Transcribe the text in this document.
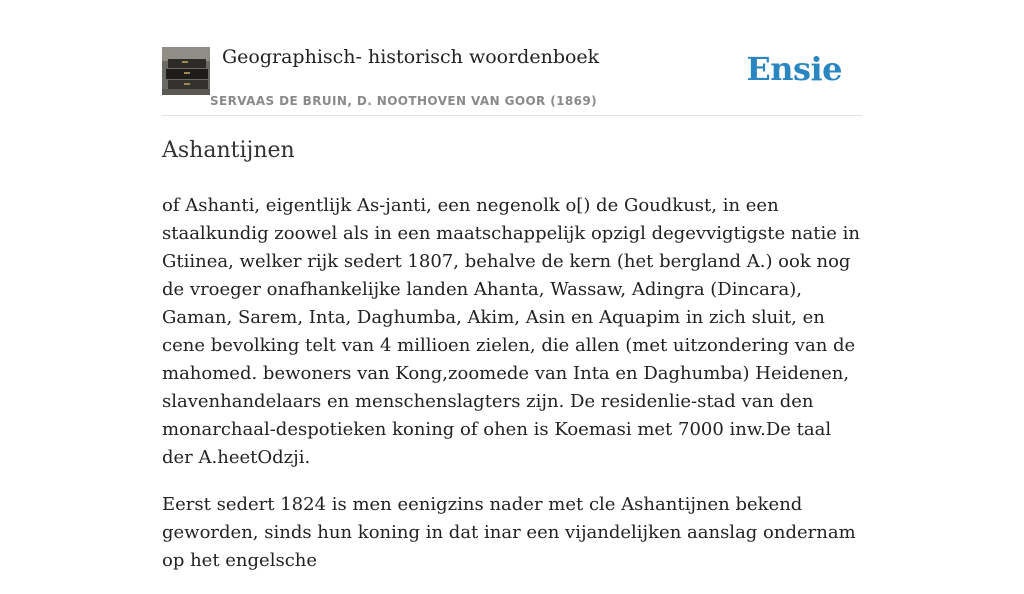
Geographisch- historisch woordenboek
SERVAAS DE BRUIN, D. NOOTHOVEN VAN GOOR (1869)
Ensie
Ashantijnen

of Ashanti, eigentlijk As-janti, een negenolk o[) de Goudkust, in een staalkundig zoowel als in een maatschappelijk opzigl degevvigtigste natie in Gtiinea, welker rijk sedert 1807, behalve de kern (het bergland A.) ook nog de vroeger onafhankelijke landen Ahanta, Wassaw, Adingra (Dincara), Gaman, Sarem, Inta, Daghumba, Akim, Asin en Aquapim in zich sluit, en cene bevolking telt van 4 millioen zielen, die allen (met uitzondering van de mahomed. bewoners van Kong,zoomede van Inta en Daghumba) Heidenen, slavenhandelaars en menschenslagters zijn. De residenlie-stad van den monarchaal-despotieken koning of ohen is Koemasi met 7000 inw.De taal der A.heetOdzji.

Eerst sedert 1824 is men eenigzins nader met cle Ashantijnen bekend geworden, sinds hun koning in dat inar een vijandelijken aanslag ondernam op het engelsche
